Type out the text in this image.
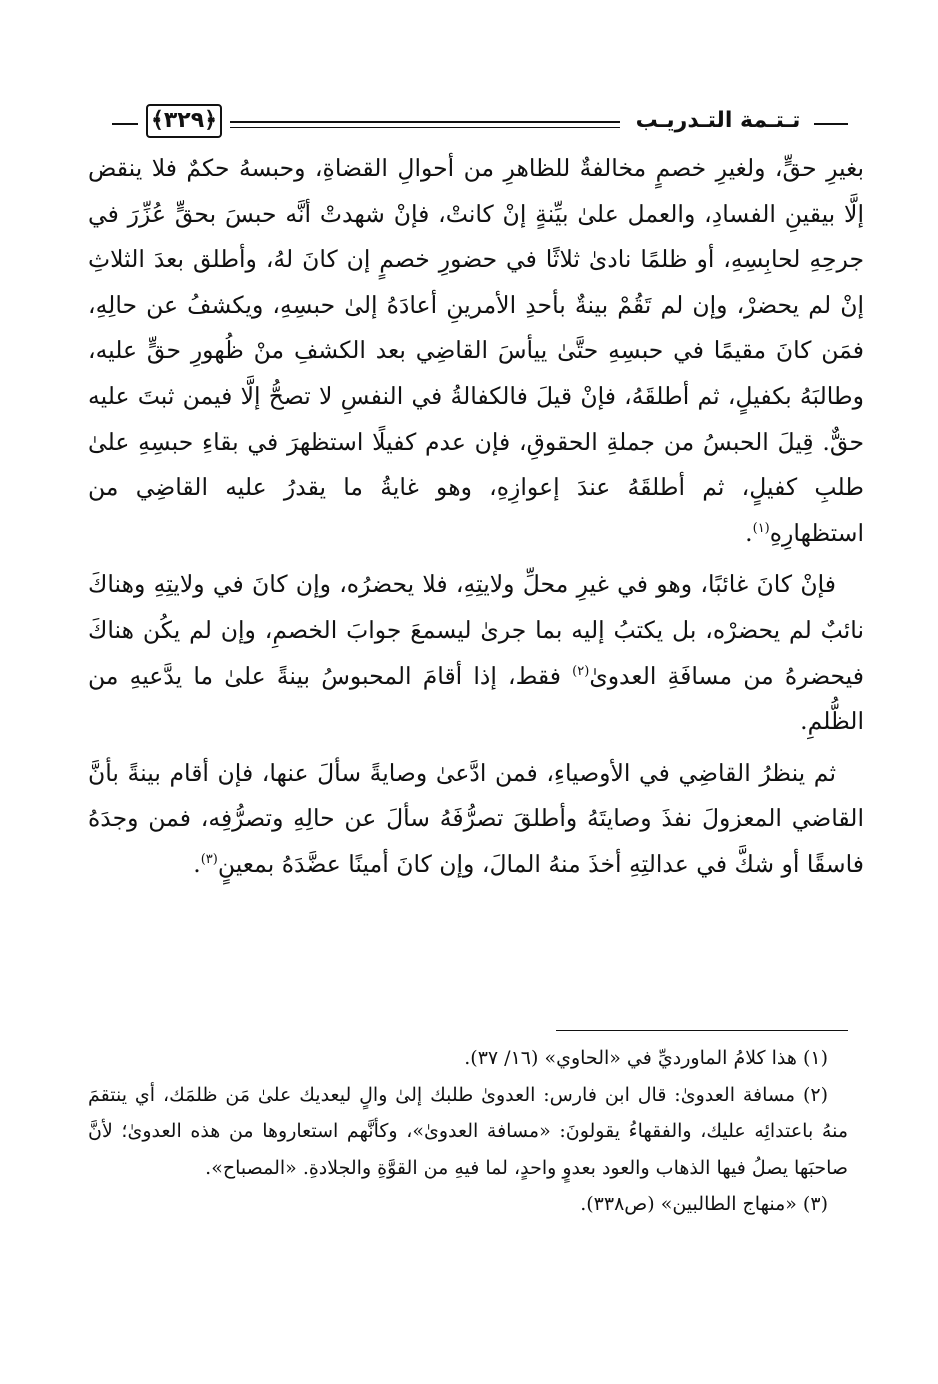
﴿٣٢٩﴾	تـتـمة التـدريـب

بغيرِ حقٍّ، ولغيرِ خصمٍ مخالفةٌ للظاهرِ من أحوالِ القضاةِ، وحبسهُ حكمٌ فلا ينقض إلَّا بيقينِ الفسادِ، والعمل علىٰ بيِّنةٍ إنْ كانتْ، فإنْ شهدتْ أنَّه حبسَ بحقٍّ عُزِّرَ في جرحِهِ لحابِسِهِ، أو ظلمًا نادىٰ ثلاثًا في حضورِ خصمٍ إن كانَ لهُ، وأطلق بعدَ الثلاثِ إنْ لم يحضرْ، وإن لم تَقُمْ بينةٌ بأحدِ الأمرينِ أعادَهُ إلىٰ حبسِهِ، ويكشفُ عن حالِهِ، فمَن كانَ مقيمًا في حبسِهِ حتَّىٰ ييأسَ القاضِي بعد الكشفِ منْ ظُهورِ حقٍّ عليه، وطالبَهُ بكفيلٍ، ثم أطلقَهُ، فإنْ قيلَ فالكفالةُ في النفسِ لا تصحُّ إلَّا فيمن ثبتَ عليه حقٌّ. قِيلَ الحبسُ من جملةِ الحقوقِ، فإن عدم كفيلًا استظهرَ في بقاءِ حبسِهِ علىٰ طلبِ كفيلٍ، ثم أطلقَهُ عندَ إعوازِهِ، وهو غايةُ ما يقدرُ عليه القاضِي من استظهارِهِ$^{(١)}$.

فإنْ كانَ غائبًا، وهو في غيرِ محلِّ ولايتِهِ، فلا يحضرُه، وإن كانَ في ولايتِهِ وهناكَ نائبٌ لم يحضرْه، بل يكتبُ إليه بما جرىٰ ليسمعَ جوابَ الخصمِ، وإن لم يكُن هناكَ فيحضرهُ من مسافَةِ العدوىٰ$^{(٢)}$ فقط، إذا أقامَ المحبوسُ بينةً علىٰ ما يدَّعيهِ من الظُّلمِ.

ثم ينظرُ القاضِي في الأوصياءِ، فمن ادَّعىٰ وصايةً سألَ عنها، فإن أقام بينةً بأنَّ القاضي المعزولَ نفذَ وصايتَهُ وأطلقَ تصرُّفَهُ سألَ عن حالِهِ وتصرُّفِه، فمن وجدَهُ فاسقًا أو شكَّ في عدالتِهِ أخذَ منهُ المالَ، وإن كانَ أمينًا عضَّدَهُ بمعينٍ$^{(٣)}$.

(١) هذا كلامُ الماورديِّ في «الحاوي» (١٦/ ٣٧).

(٢) مسافة العدوىٰ: قال ابن فارس: العدوىٰ طلبك إلىٰ والٍ ليعديك علىٰ مَن ظلمَك، أي ينتقمَ منهُ باعتدائِه عليك، والفقهاءُ يقولونَ: «مسافة العدوىٰ»، وكأنَّهم استعاروها من هذه العدوىٰ؛ لأنَّ صاحبَها يصلُ فيها الذهاب والعود بعدوٍ واحدٍ، لما فيهِ من القوَّةِ والجلادةِ. «المصباح».

(٣) «منهاج الطالبين» (ص٣٣٨).
